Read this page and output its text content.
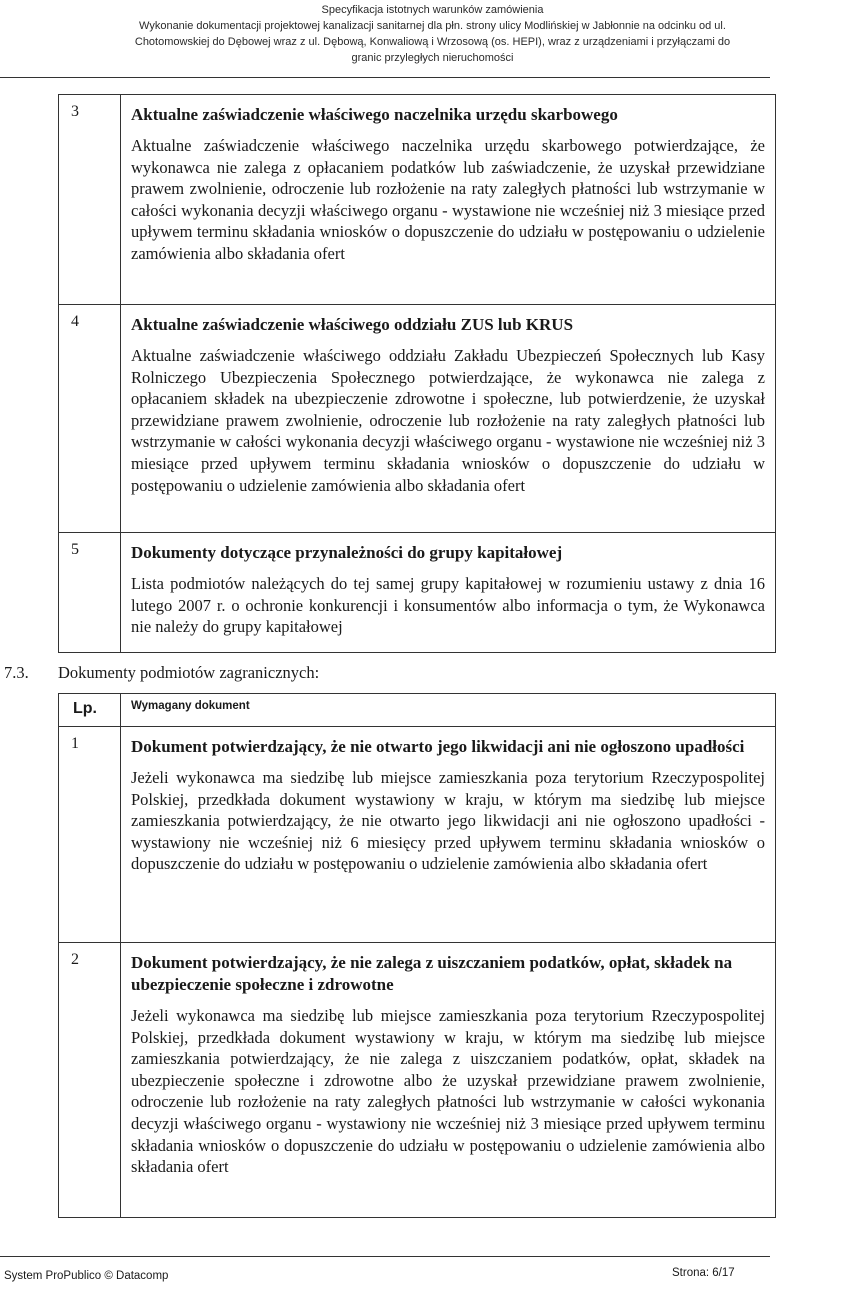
Specyfikacja istotnych warunków zamówienia
Wykonanie dokumentacji projektowej kanalizacji sanitarnej dla płn. strony ulicy Modlińskiej w Jabłonnie na odcinku od ul.
Chotomowskiej do Dębowej wraz z ul. Dębową, Konwaliową i Wrzosową (os. HEPI), wraz z urządzeniami i przyłączami do
granic przyległych nieruchomości
3	Aktualne zaświadczenie właściwego naczelnika urzędu skarbowego
Aktualne zaświadczenie właściwego naczelnika urzędu skarbowego potwierdzające, że wykonawca nie zalega z opłacaniem podatków lub zaświadczenie, że uzyskał przewidziane prawem zwolnienie, odroczenie lub rozłożenie na raty zaległych płatności lub wstrzymanie w całości wykonania decyzji właściwego organu - wystawione nie wcześniej niż 3 miesiące przed upływem terminu składania wniosków o dopuszczenie do udziału w postępowaniu o udzielenie zamówienia albo składania ofert

4	Aktualne zaświadczenie właściwego oddziału ZUS lub KRUS
Aktualne zaświadczenie właściwego oddziału Zakładu Ubezpieczeń Społecznych lub Kasy Rolniczego Ubezpieczenia Społecznego potwierdzające, że wykonawca nie zalega z opłacaniem składek na ubezpieczenie zdrowotne i społeczne, lub potwierdzenie, że uzyskał przewidziane prawem zwolnienie, odroczenie lub rozłożenie na raty zaległych płatności lub wstrzymanie w całości wykonania decyzji właściwego organu - wystawione nie wcześniej niż 3 miesiące przed upływem terminu składania wniosków o dopuszczenie do udziału w postępowaniu o udzielenie zamówienia albo składania ofert

5	Dokumenty dotyczące przynależności do grupy kapitałowej
Lista podmiotów należących do tej samej grupy kapitałowej w rozumieniu ustawy z dnia 16 lutego 2007 r. o ochronie konkurencji i konsumentów albo informacja o tym, że Wykonawca nie należy do grupy kapitałowej
7.3. Dokumenty podmiotów zagranicznych:
Lp.	Wymagany dokument
1	Dokument potwierdzający, że nie otwarto jego likwidacji ani nie ogłoszono upadłości
Jeżeli wykonawca ma siedzibę lub miejsce zamieszkania poza terytorium Rzeczypospolitej Polskiej, przedkłada dokument wystawiony w kraju, w którym ma siedzibę lub miejsce zamieszkania potwierdzający, że nie otwarto jego likwidacji ani nie ogłoszono upadłości - wystawiony nie wcześniej niż 6 miesięcy przed upływem terminu składania wniosków o dopuszczenie do udziału w postępowaniu o udzielenie zamówienia albo składania ofert

2	Dokument potwierdzający, że nie zalega z uiszczaniem podatków, opłat, składek na ubezpieczenie społeczne i zdrowotne
Jeżeli wykonawca ma siedzibę lub miejsce zamieszkania poza terytorium Rzeczypospolitej Polskiej, przedkłada dokument wystawiony w kraju, w którym ma siedzibę lub miejsce zamieszkania potwierdzający, że nie zalega z uiszczaniem podatków, opłat, składek na ubezpieczenie społeczne i zdrowotne albo że uzyskał przewidziane prawem zwolnienie, odroczenie lub rozłożenie na raty zaległych płatności lub wstrzymanie w całości wykonania decyzji właściwego organu - wystawiony nie wcześniej niż 3 miesiące przed upływem terminu składania wniosków o dopuszczenie do udziału w postępowaniu o udzielenie zamówienia albo składania ofert
System ProPublico © Datacomp	Strona: 6/17
